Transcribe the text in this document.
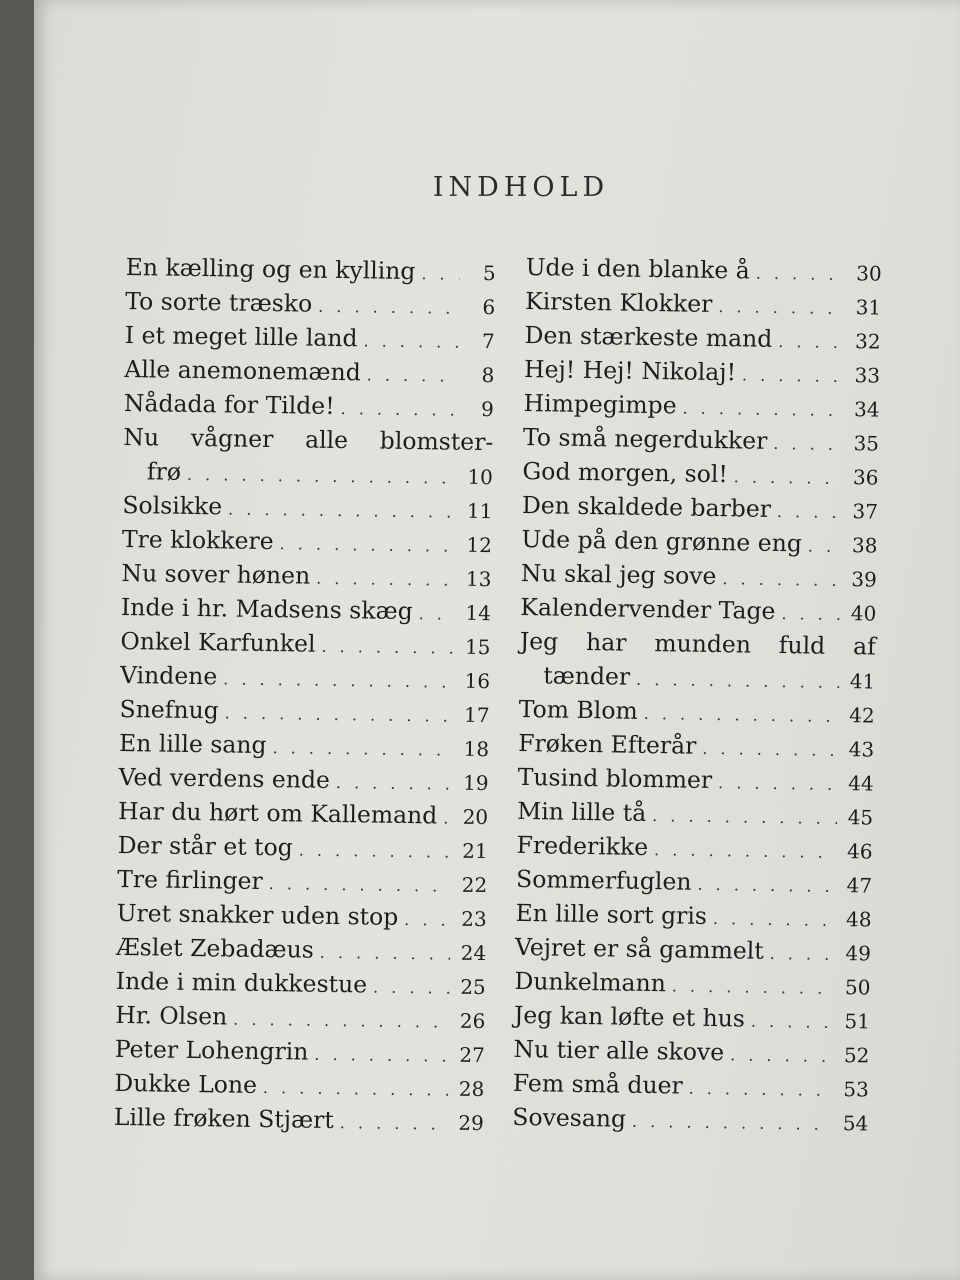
INDHOLD
En kælling og en kylling . . .	5
To sorte træsko . . .	6
I et meget lille land . . .	7
Alle anemonemænd . . .	8
Nådada for Tilde! . . .	9
Nu vågner alle blomster-
frø . . .	10
Solsikke . . .	11
Tre klokkere . . .	12
Nu sover hønen . . .	13
Inde i hr. Madsens skæg . . .	14
Onkel Karfunkel . . .	15
Vindene . . .	16
Snefnug . . .	17
En lille sang . . .	18
Ved verdens ende . . .	19
Har du hørt om Kallemand . . . 20
Der står et tog . . .	21
Tre firlinger . . .	22
Uret snakker uden stop . . .	23
Æslet Zebadæus . . .	24
Inde i min dukkestue . . .	25
Hr. Olsen . . .	26
Peter Lohengrin . . .	27
Dukke Lone . . .	28
Lille frøken Stjært . . .	29
Ude i den blanke å . . .	30
Kirsten Klokker . . .	31
Den stærkeste mand . . .	32
Hej! Hej! Nikolaj! . . .	33
Himpegimpe . . .	34
To små negerdukker . . .	35
God morgen, sol! . . .	36
Den skaldede barber . . .	37
Ude på den grønne eng . . . 38
Nu skal jeg sove . . .	39
Kalendervender Tage . . .	40
Jeg har munden fuld af
tænder . . .	41
Tom Blom . . .	42
Frøken Efterår . . .	43
Tusind blommer . . .	44
Min lille tå . . .	45
Frederikke . . .	46
Sommerfuglen . . .	47
En lille sort gris . . .	48
Vejret er så gammelt . . .	49
Dunkelmann . . .	50
Jeg kan løfte et hus . . .	51
Nu tier alle skove . . .	52
Fem små duer . . .	53
Sovesang . . .	54
